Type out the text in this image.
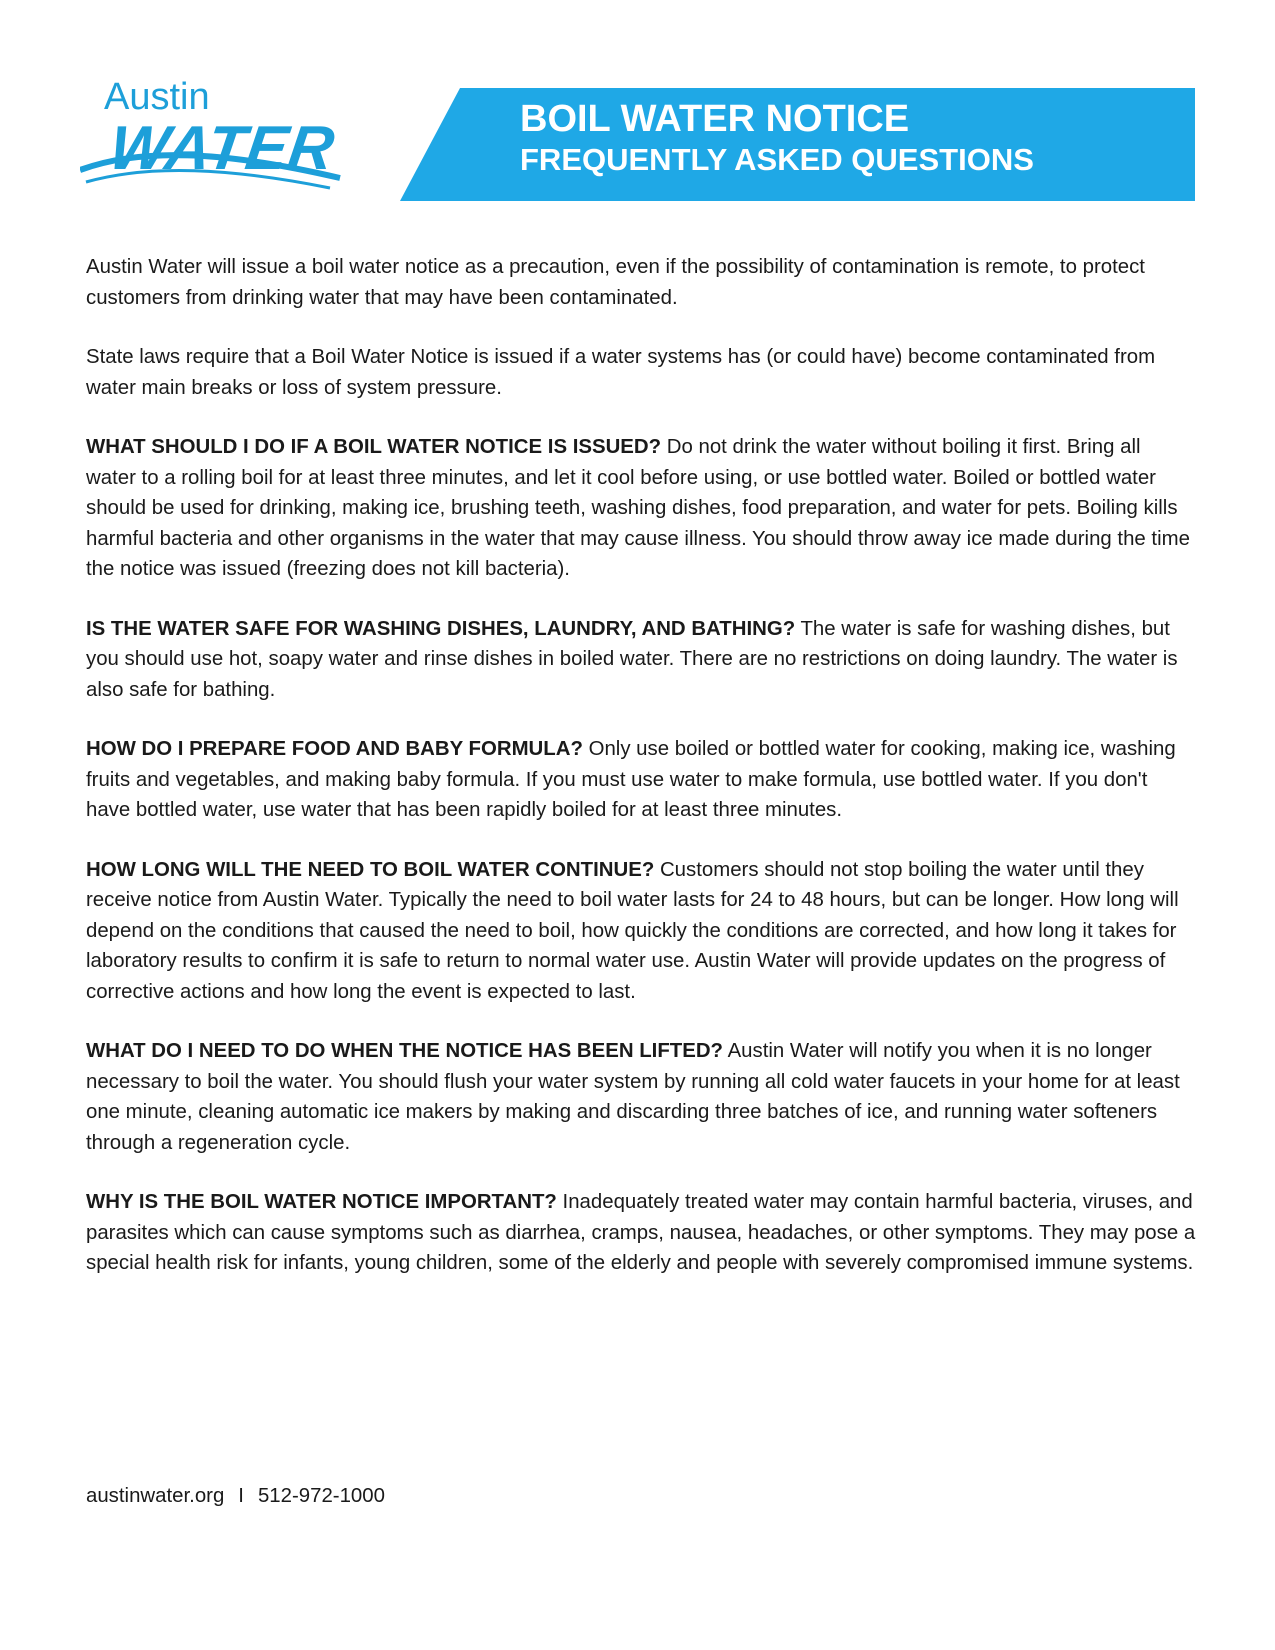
Austin
WATER	BOIL WATER NOTICE
FREQUENTLY ASKED QUESTIONS

Austin Water will issue a boil water notice as a precaution, even if the possibility of contamination is remote, to protect customers from drinking water that may have been contaminated.

State laws require that a Boil Water Notice is issued if a water systems has (or could have) become contaminated from water main breaks or loss of system pressure.

WHAT SHOULD I DO IF A BOIL WATER NOTICE IS ISSUED? Do not drink the water without boiling it first. Bring all water to a rolling boil for at least three minutes, and let it cool before using, or use bottled water. Boiled or bottled water should be used for drinking, making ice, brushing teeth, washing dishes, food preparation, and water for pets. Boiling kills harmful bacteria and other organisms in the water that may cause illness. You should throw away ice made during the time the notice was issued (freezing does not kill bacteria).

IS THE WATER SAFE FOR WASHING DISHES, LAUNDRY, AND BATHING? The water is safe for washing dishes, but you should use hot, soapy water and rinse dishes in boiled water. There are no restrictions on doing laundry. The water is also safe for bathing.

HOW DO I PREPARE FOOD AND BABY FORMULA? Only use boiled or bottled water for cooking, making ice, washing fruits and vegetables, and making baby formula. If you must use water to make formula, use bottled water. If you don't have bottled water, use water that has been rapidly boiled for at least three minutes.

HOW LONG WILL THE NEED TO BOIL WATER CONTINUE? Customers should not stop boiling the water until they receive notice from Austin Water. Typically the need to boil water lasts for 24 to 48 hours, but can be longer. How long will depend on the conditions that caused the need to boil, how quickly the conditions are corrected, and how long it takes for laboratory results to confirm it is safe to return to normal water use. Austin Water will provide updates on the progress of corrective actions and how long the event is expected to last.

WHAT DO I NEED TO DO WHEN THE NOTICE HAS BEEN LIFTED? Austin Water will notify you when it is no longer necessary to boil the water. You should flush your water system by running all cold water faucets in your home for at least one minute, cleaning automatic ice makers by making and discarding three batches of ice, and running water softeners through a regeneration cycle.

WHY IS THE BOIL WATER NOTICE IMPORTANT? Inadequately treated water may contain harmful bacteria, viruses, and parasites which can cause symptoms such as diarrhea, cramps, nausea, headaches, or other symptoms. They may pose a special health risk for infants, young children, some of the elderly and people with severely compromised immune systems.

austinwater.org I 512-972-1000
